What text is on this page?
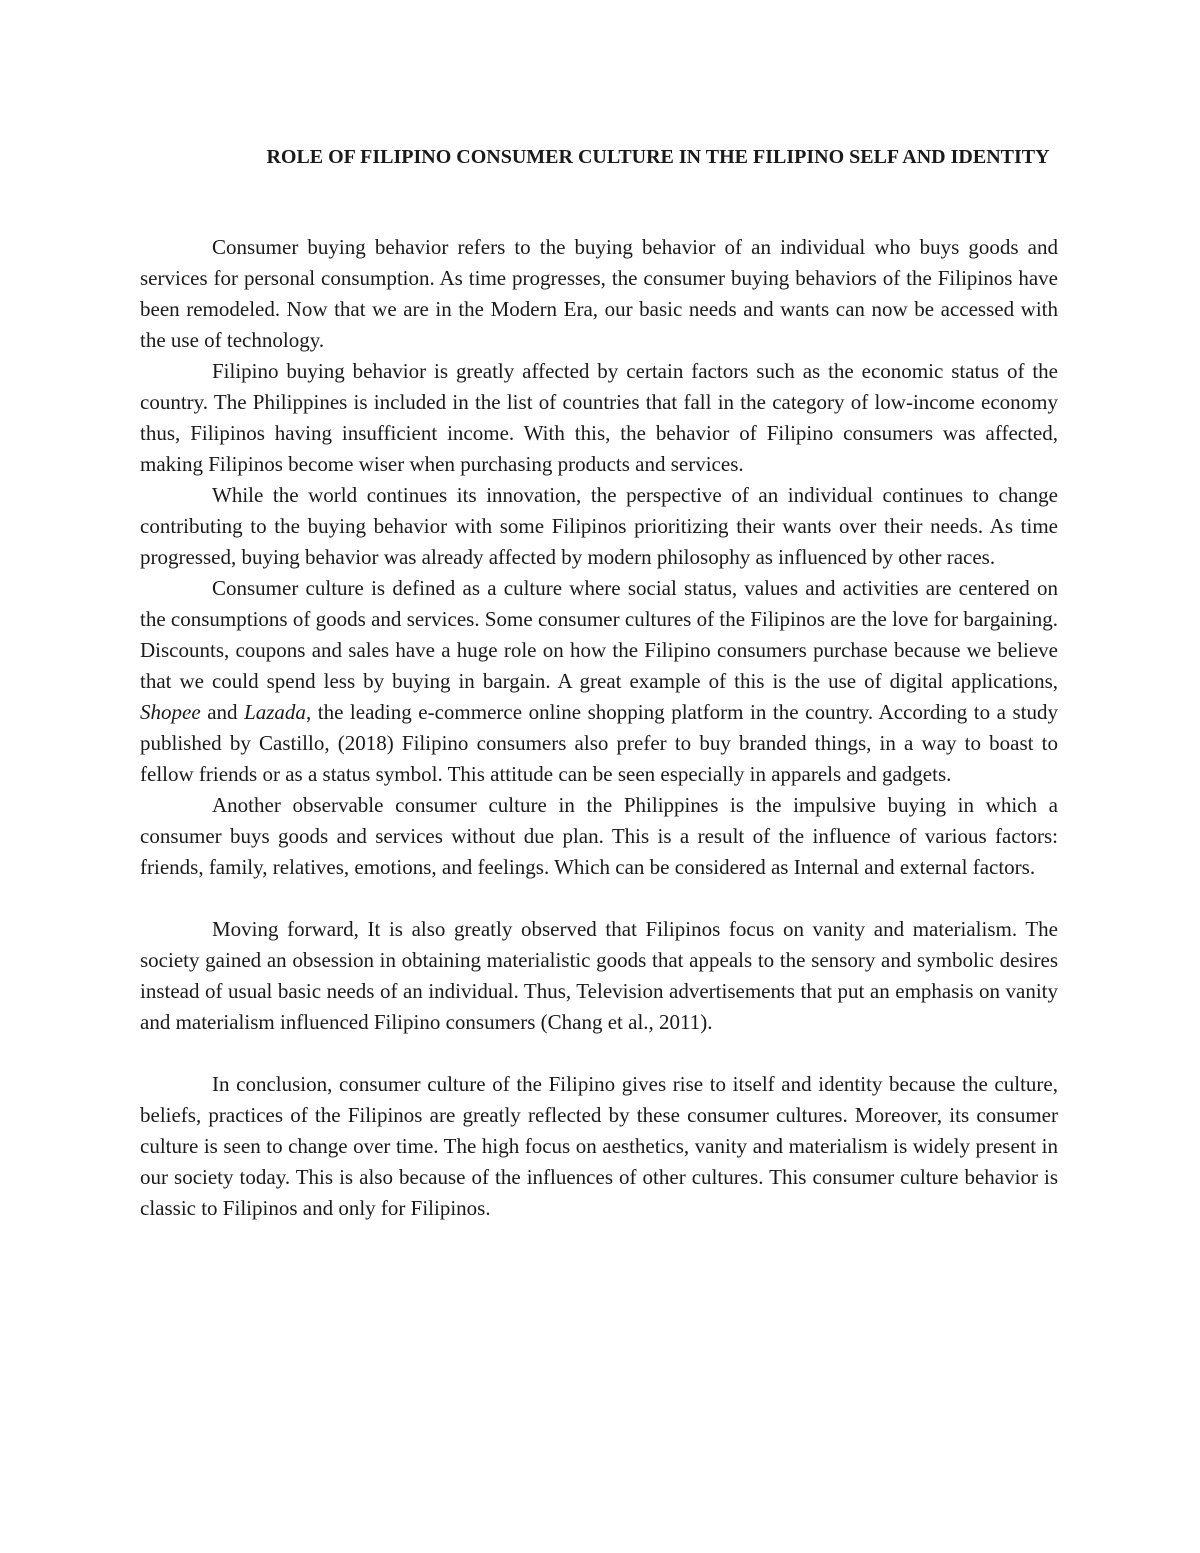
ROLE OF FILIPINO CONSUMER CULTURE IN THE FILIPINO SELF AND IDENTITY

Consumer buying behavior refers to the buying behavior of an individual who buys goods and services for personal consumption. As time progresses, the consumer buying behaviors of the Filipinos have been remodeled. Now that we are in the Modern Era, our basic needs and wants can now be accessed with the use of technology.

Filipino buying behavior is greatly affected by certain factors such as the economic status of the country. The Philippines is included in the list of countries that fall in the category of low-income economy thus, Filipinos having insufficient income. With this, the behavior of Filipino consumers was affected, making Filipinos become wiser when purchasing products and services.

While the world continues its innovation, the perspective of an individual continues to change contributing to the buying behavior with some Filipinos prioritizing their wants over their needs. As time progressed, buying behavior was already affected by modern philosophy as influenced by other races.

Consumer culture is defined as a culture where social status, values and activities are centered on the consumptions of goods and services. Some consumer cultures of the Filipinos are the love for bargaining. Discounts, coupons and sales have a huge role on how the Filipino consumers purchase because we believe that we could spend less by buying in bargain. A great example of this is the use of digital applications, Shopee and Lazada, the leading e-commerce online shopping platform in the country. According to a study published by Castillo, (2018) Filipino consumers also prefer to buy branded things, in a way to boast to fellow friends or as a status symbol. This attitude can be seen especially in apparels and gadgets.

Another observable consumer culture in the Philippines is the impulsive buying in which a consumer buys goods and services without due plan. This is a result of the influence of various factors: friends, family, relatives, emotions, and feelings. Which can be considered as Internal and external factors.

Moving forward, It is also greatly observed that Filipinos focus on vanity and materialism. The society gained an obsession in obtaining materialistic goods that appeals to the sensory and symbolic desires instead of usual basic needs of an individual. Thus, Television advertisements that put an emphasis on vanity and materialism influenced Filipino consumers (Chang et al., 2011).

In conclusion, consumer culture of the Filipino gives rise to itself and identity because the culture, beliefs, practices of the Filipinos are greatly reflected by these consumer cultures. Moreover, its consumer culture is seen to change over time. The high focus on aesthetics, vanity and materialism is widely present in our society today. This is also because of the influences of other cultures. This consumer culture behavior is classic to Filipinos and only for Filipinos.
